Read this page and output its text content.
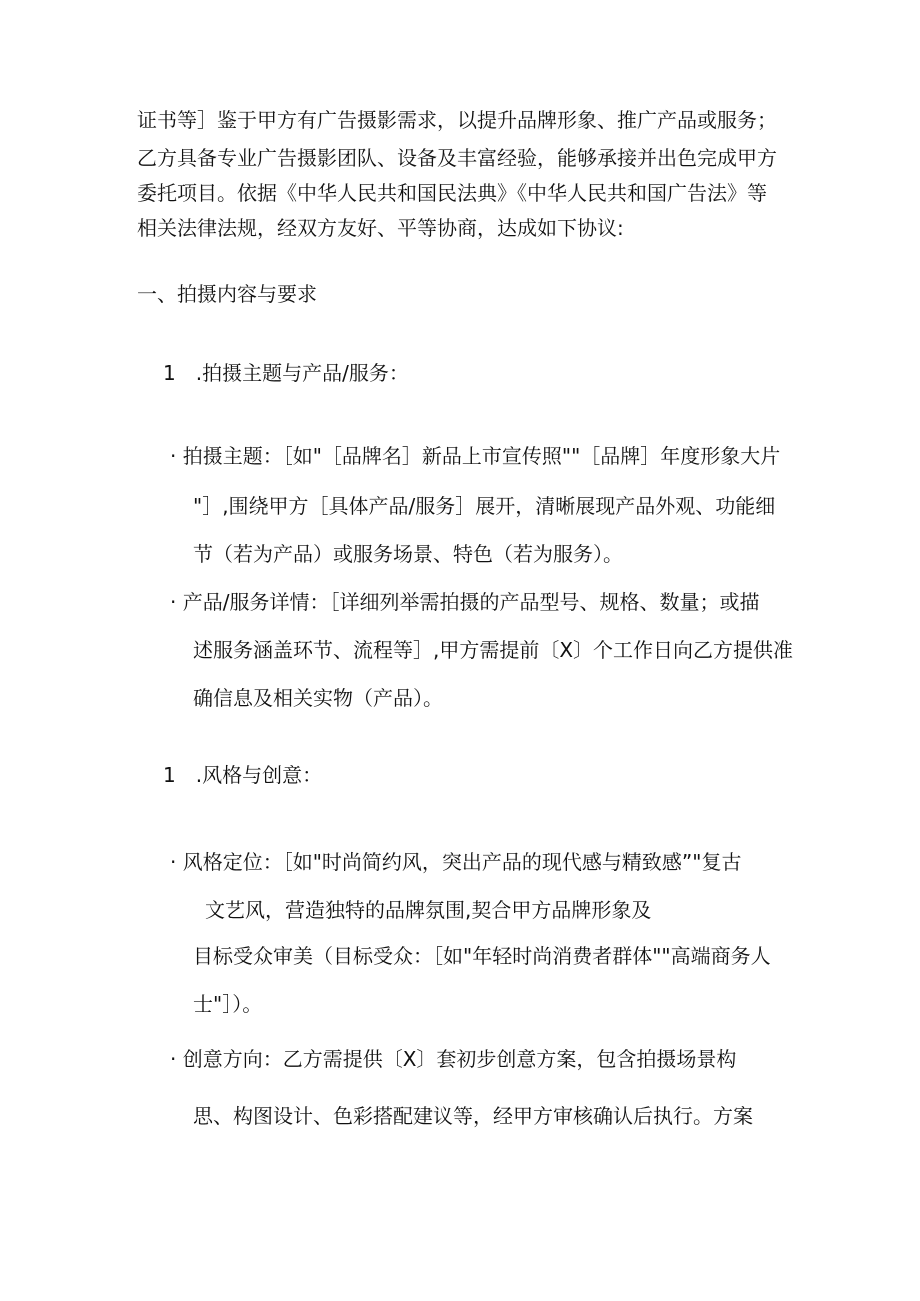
证书等］鉴于甲方有广告摄影需求，以提升品牌形象、推广产品或服务；
乙方具备专业广告摄影团队、设备及丰富经验，能够承接并出色完成甲方
委托项目。依据《中华人民共和国民法典》《中华人民共和国广告法》等
相关法律法规，经双方友好、平等协商，达成如下协议:
一、拍摄内容与要求
1　.拍摄主题与产品/服务：
· 拍摄主题：［如"［品牌名］新品上市宣传照""［品牌］年度形象大片
"］,围绕甲方［具体产品/服务］展开，清晰展现产品外观、功能细
节（若为产品）或服务场景、特色（若为服务）。
· 产品/服务详情：［详细列举需拍摄的产品型号、规格、数量；或描
述服务涵盖环节、流程等］,甲方需提前〔X〕个工作日向乙方提供准
确信息及相关实物（产品）。
1　.风格与创意：
· 风格定位：［如"时尚简约风，突出产品的现代感与精致感”"复古
文艺风，营造独特的品牌氛围,契合甲方品牌形象及
目标受众审美（目标受众：［如"年轻时尚消费者群体""高端商务人
士"］）。
· 创意方向：乙方需提供〔X〕套初步创意方案，包含拍摄场景构
思、构图设计、色彩搭配建议等，经甲方审核确认后执行。方案
